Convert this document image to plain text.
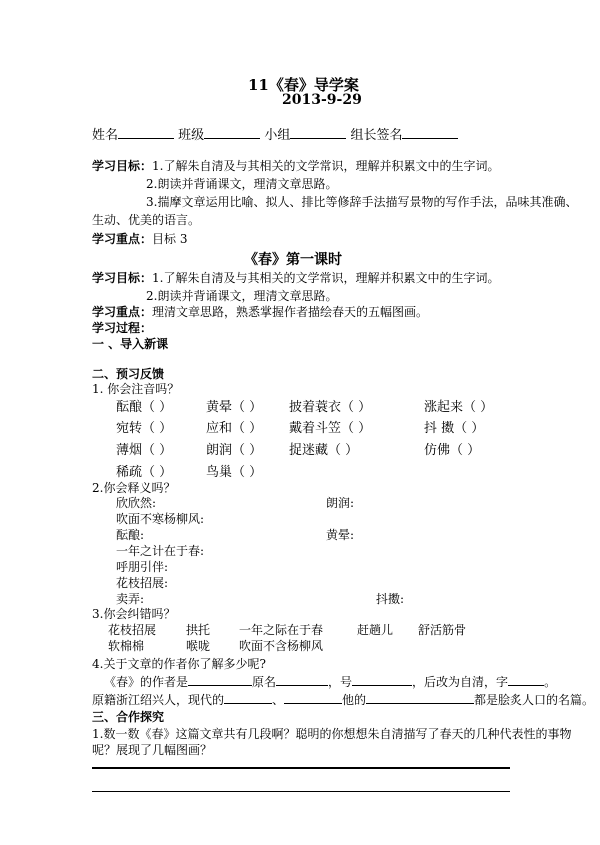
11《春》导学案
2013-9-29
姓名	班级	小组	组长签名
学习目标：1.了解朱自清及与其相关的文学常识，理解并积累文中的生字词。
2.朗读并背诵课文，理清文章思路。
3.揣摩文章运用比喻、拟人、排比等修辞手法描写景物的写作手法，品味其准确、
生动、优美的语言。
学习重点：目标 3
《春》第一课时
学习目标：1.了解朱自清及与其相关的文学常识，理解并积累文中的生字词。
2.朗读并背诵课文，理清文章思路。
学习重点：理清文章思路，熟悉掌握作者描绘春天的五幅图画。
学习过程：
一 、导入新课
二、预习反馈
1. 你会注音吗？
酝酿（ ）	黄晕（ ） 披着蓑衣（ ）	涨起来（ ）
宛转（ ）	应和（ ） 戴着斗笠（ ）	抖 擞（ ）
薄烟（ ）	朗润（ ） 捉迷藏（ ）	仿佛（ ）
稀疏（ ）	鸟巢（ ）
2.你会释义吗？
欣欣然:	朗润:
吹面不寒杨柳风:
酝酿:	黄晕:
一年之计在于春:
呼朋引伴:
花枝招展:
卖弄:	抖擞:
3.你会纠错吗？
花枝招展 拱托 一年之际在于春	赶趟儿 舒活筋骨
软棉棉	喉咙 吹面不含杨柳风
4.关于文章的作者你了解多少呢?
《春》的作者是	原名	，号	，后改为自清，字	。
原籍浙江绍兴人，现代的	、	他的	都是脍炙人口的名篇。
三、合作探究
1.数一数《春》这篇文章共有几段啊？聪明的你想想朱自清描写了春天的几种代表性的事物
呢？展现了几幅图画？
